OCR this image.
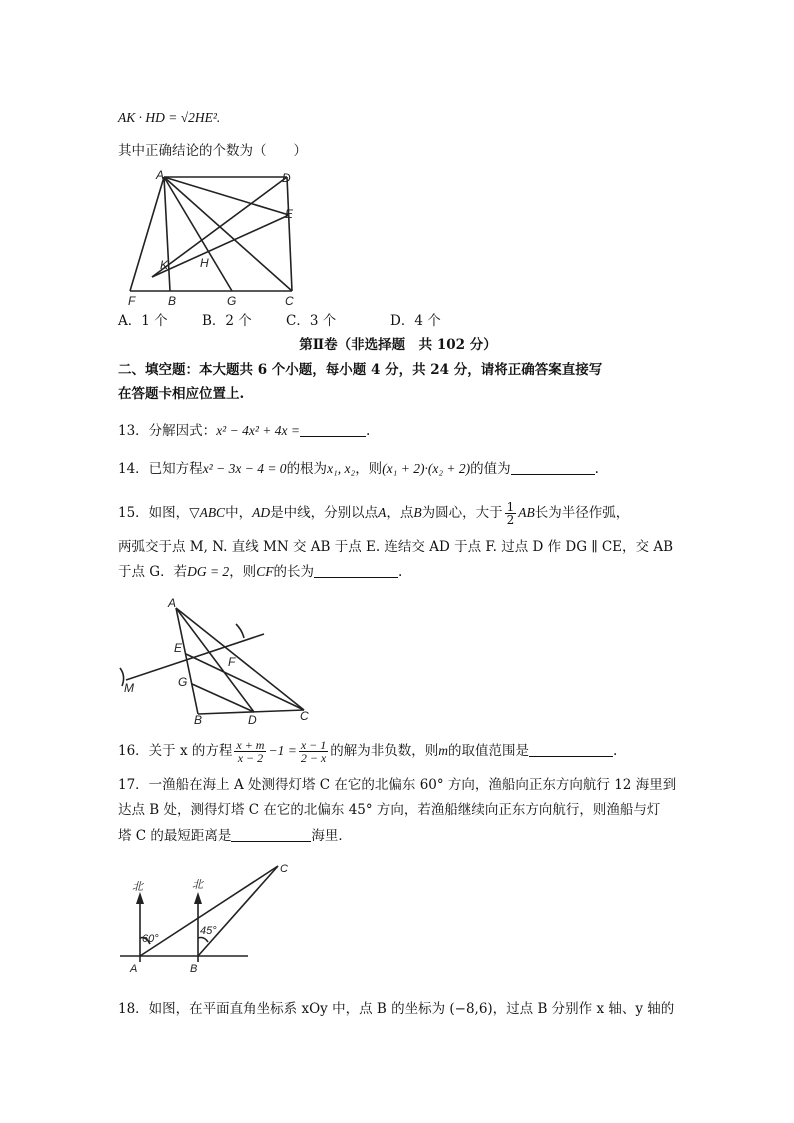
AK · HD = √2HE².
其中正确结论的个数为（　　）
A	D
E
K	H
F	B	G	C
A．1 个	B．2 个	C．3 个	D．4 个
第Ⅱ卷（非选择题　共 102 分）
二、填空题：本大题共 6 个小题，每小题 4 分，共 24 分，请将正确答案直接写
在答题卡相应位置上.
13．分解因式：x² − 4x² + 4x =	.
14．已知方程x² − 3x − 4 = 0的根为x₁, x₂，则(x₁ + 2)·(x₂ + 2)的值为	.
15．如图，▽ABC中，AD是中线，分别以点A，点B为圆心，大于 $\frac{1}{2}$ AB长为半径作弧，
两弧交于点 M, N. 直线 MN 交 AB 于点 E. 连结交 AD 于点 F. 过点 D 作 DG ∥ CE，交 AB
于点 G．若DG = 2，则CF的长为	.
A
E
F
G
M
B	D	C
16．关于 x 的方程 $\frac{x + m}{x - 2} -1 = \frac{x - 1}{2 - x}$ 的解为非负数，则m的取值范围是	.
17．一渔船在海上 A 处测得灯塔 C 在它的北偏东 60° 方向，渔船向正东方向航行 12 海里到
达点 B 处，测得灯塔 C 在它的北偏东 45° 方向，若渔船继续向正东方向航行，则渔船与灯
塔 C 的最短距离是	海里．
北	北
C
60°
45°
A	B
18．如图，在平面直角坐标系 xOy 中，点 B 的坐标为 (−8,6)，过点 B 分别作 x 轴、y 轴的
